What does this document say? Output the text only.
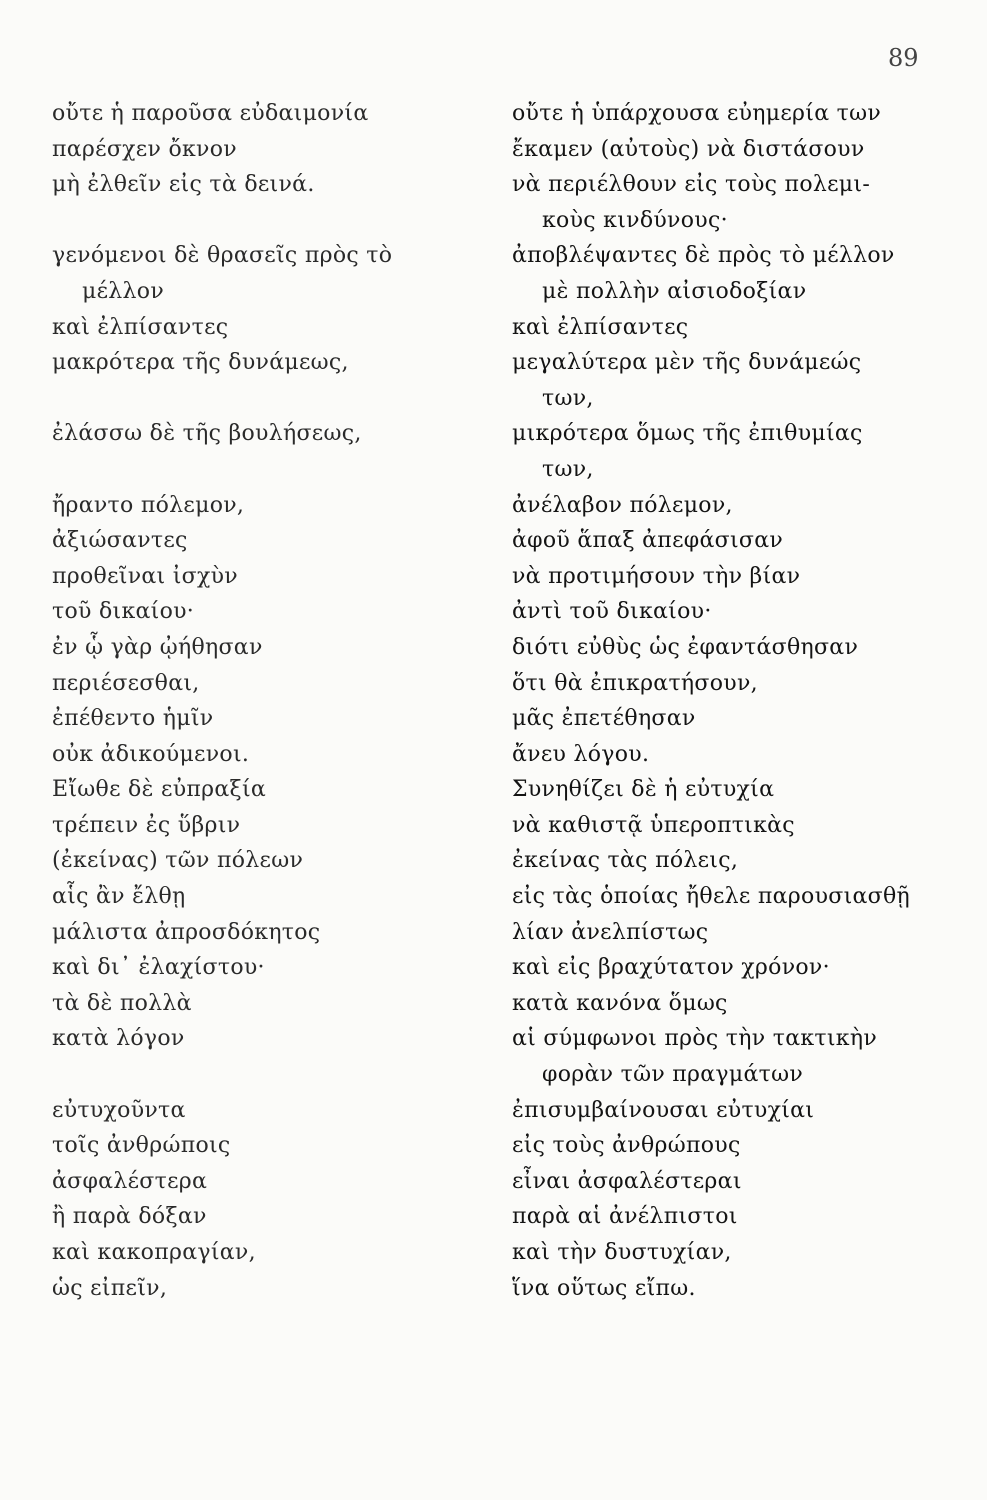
89
οὔτε ἡ παροῦσα εὐδαιμονία
παρέσχεν ὄκνον
μὴ ἐλθεῖν εἰς τὰ δεινά.
γενόμενοι δὲ θρασεῖς πρὸς τὸ
μέλλον
καὶ ἐλπίσαντες
μακρότερα τῆς δυνάμεως,
ἐλάσσω δὲ τῆς βουλήσεως,
ἤραντο πόλεμον,
ἀξιώσαντες
προθεῖναι ἰσχὺν
τοῦ δικαίου·
ἐν ᾧ γὰρ ᾠήθησαν
περιέσεσθαι,
ἐπέθεντο ἡμῖν
οὐκ ἀδικούμενοι.
Εἴωθε δὲ εὐπραξία
τρέπειν ἐς ὕβριν
(ἐκείνας) τῶν πόλεων
αἷς ἂν ἔλθῃ
μάλιστα ἀπροσδόκητος
καὶ δι᾽ ἐλαχίστου·
τὰ δὲ πολλὰ
κατὰ λόγον
εὐτυχοῦντα
τοῖς ἀνθρώποις
ἀσφαλέστερα
ἢ παρὰ δόξαν
καὶ κακοπραγίαν,
ὡς εἰπεῖν,
οὔτε ἡ ὑπάρχουσα εὐημερία των
ἔκαμεν (αὐτοὺς) νὰ διστάσουν
νὰ περιέλθουν εἰς τοὺς πολεμι-
κοὺς κινδύνους·
ἀποβλέψαντες δὲ πρὸς τὸ μέλλον
μὲ πολλὴν αἰσιοδοξίαν
καὶ ἐλπίσαντες
μεγαλύτερα μὲν τῆς δυνάμεώς
των,
μικρότερα ὅμως τῆς ἐπιθυμίας
των,
ἀνέλαβον πόλεμον,
ἀφοῦ ἅπαξ ἀπεφάσισαν
νὰ προτιμήσουν τὴν βίαν
ἀντὶ τοῦ δικαίου·
διότι εὐθὺς ὡς ἐφαντάσθησαν
ὅτι θὰ ἐπικρατήσουν,
μᾶς ἐπετέθησαν
ἄνευ λόγου.
Συνηθίζει δὲ ἡ εὐτυχία
νὰ καθιστᾷ ὑπεροπτικὰς
ἐκείνας τὰς πόλεις,
εἰς τὰς ὁποίας ἤθελε παρουσιασθῇ
λίαν ἀνελπίστως
καὶ εἰς βραχύτατον χρόνον·
κατὰ κανόνα ὅμως
αἱ σύμφωνοι πρὸς τὴν τακτικὴν
φορὰν τῶν πραγμάτων
ἐπισυμβαίνουσαι εὐτυχίαι
εἰς τοὺς ἀνθρώπους
εἶναι ἀσφαλέστεραι
παρὰ αἱ ἀνέλπιστοι
καὶ τὴν δυστυχίαν,
ἵνα οὕτως εἴπω.
